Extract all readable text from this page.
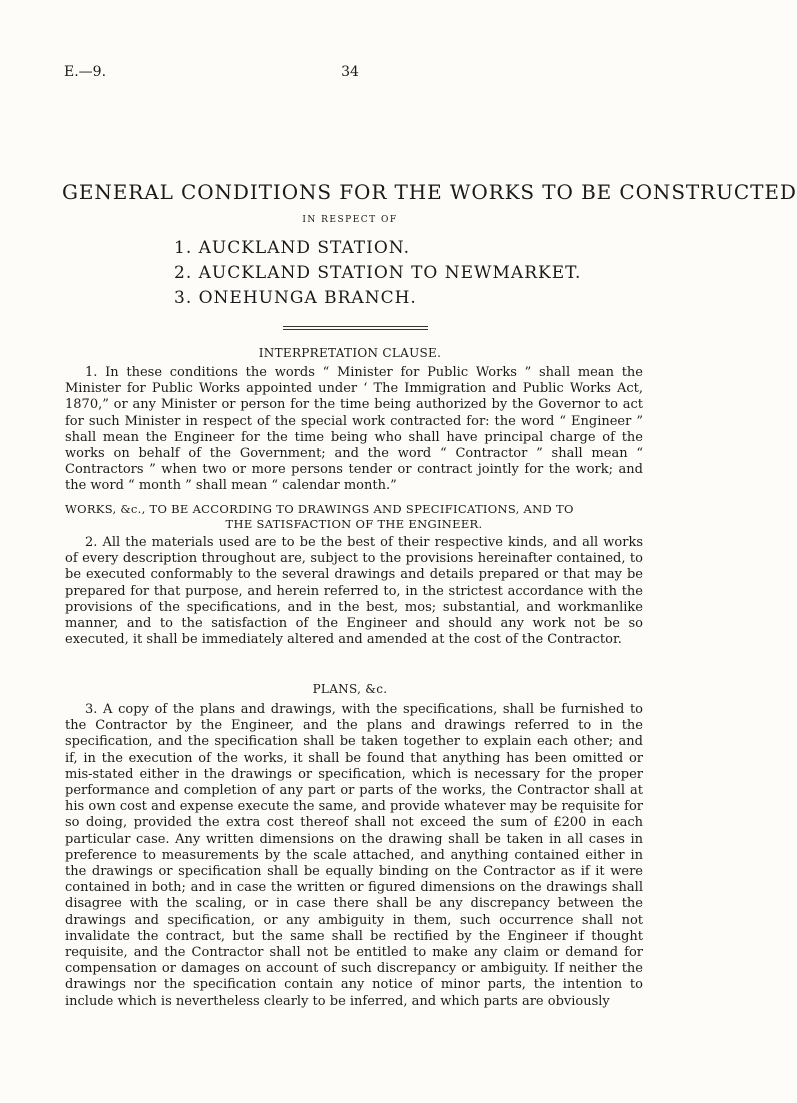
E.—9.	34
GENERAL CONDITIONS FOR THE WORKS TO BE CONSTRUCTED
IN RESPECT OF
1. AUCKLAND STATION.
2. AUCKLAND STATION TO NEWMARKET.
3. ONEHUNGA BRANCH.
INTERPRETATION CLAUSE.
1. In these conditions the words “ Minister for Public Works ” shall mean the Minister for Public Works appointed under ‘ The Immigration and Public Works Act, 1870,” or any Minister or person for the time being authorized by the Governor to act for such Minister in respect of the special work contracted for: the word “ Engineer ” shall mean the Engineer for the time being who shall have principal charge of the works on behalf of the Government; and the word “ Contractor ” shall mean “ Contractors ” when two or more persons tender or contract jointly for the work; and the word “ month ” shall mean “ calendar month.”
WORKS, &c., TO BE ACCORDING TO DRAWINGS AND SPECIFICATIONS, AND TO
THE SATISFACTION OF THE ENGINEER.
2. All the materials used are to be the best of their respective kinds, and all works of every description throughout are, subject to the provisions hereinafter contained, to be executed conformably to the several drawings and details prepared or that may be prepared for that purpose, and herein referred to, in the strictest accordance with the provisions of the specifications, and in the best, mos; substantial, and workmanlike manner, and to the satisfaction of the Engineer and should any work not be so executed, it shall be immediately altered and amended at the cost of the Contractor.
PLANS, &c.
3. A copy of the plans and drawings, with the specifications, shall be furnished to the Contractor by the Engineer, and the plans and drawings referred to in the specification, and the specification shall be taken together to explain each other; and if, in the execution of the works, it shall be found that anything has been omitted or mis-stated either in the drawings or specification, which is necessary for the proper performance and completion of any part or parts of the works, the Contractor shall at his own cost and expense execute the same, and provide whatever may be requisite for so doing, provided the extra cost thereof shall not exceed the sum of £200 in each particular case. Any written dimensions on the drawing shall be taken in all cases in preference to measurements by the scale attached, and anything contained either in the drawings or specification shall be equally binding on the Contractor as if it were contained in both; and in case the written or figured dimensions on the drawings shall disagree with the scaling, or in case there shall be any discrepancy between the drawings and specification, or any ambiguity in them, such occurrence shall not invalidate the contract, but the same shall be rectified by the Engineer if thought requisite, and the Contractor shall not be entitled to make any claim or demand for compensation or damages on account of such discrepancy or ambiguity. If neither the drawings nor the specification contain any notice of minor parts, the intention to include which is nevertheless clearly to be inferred, and which parts are obviously
